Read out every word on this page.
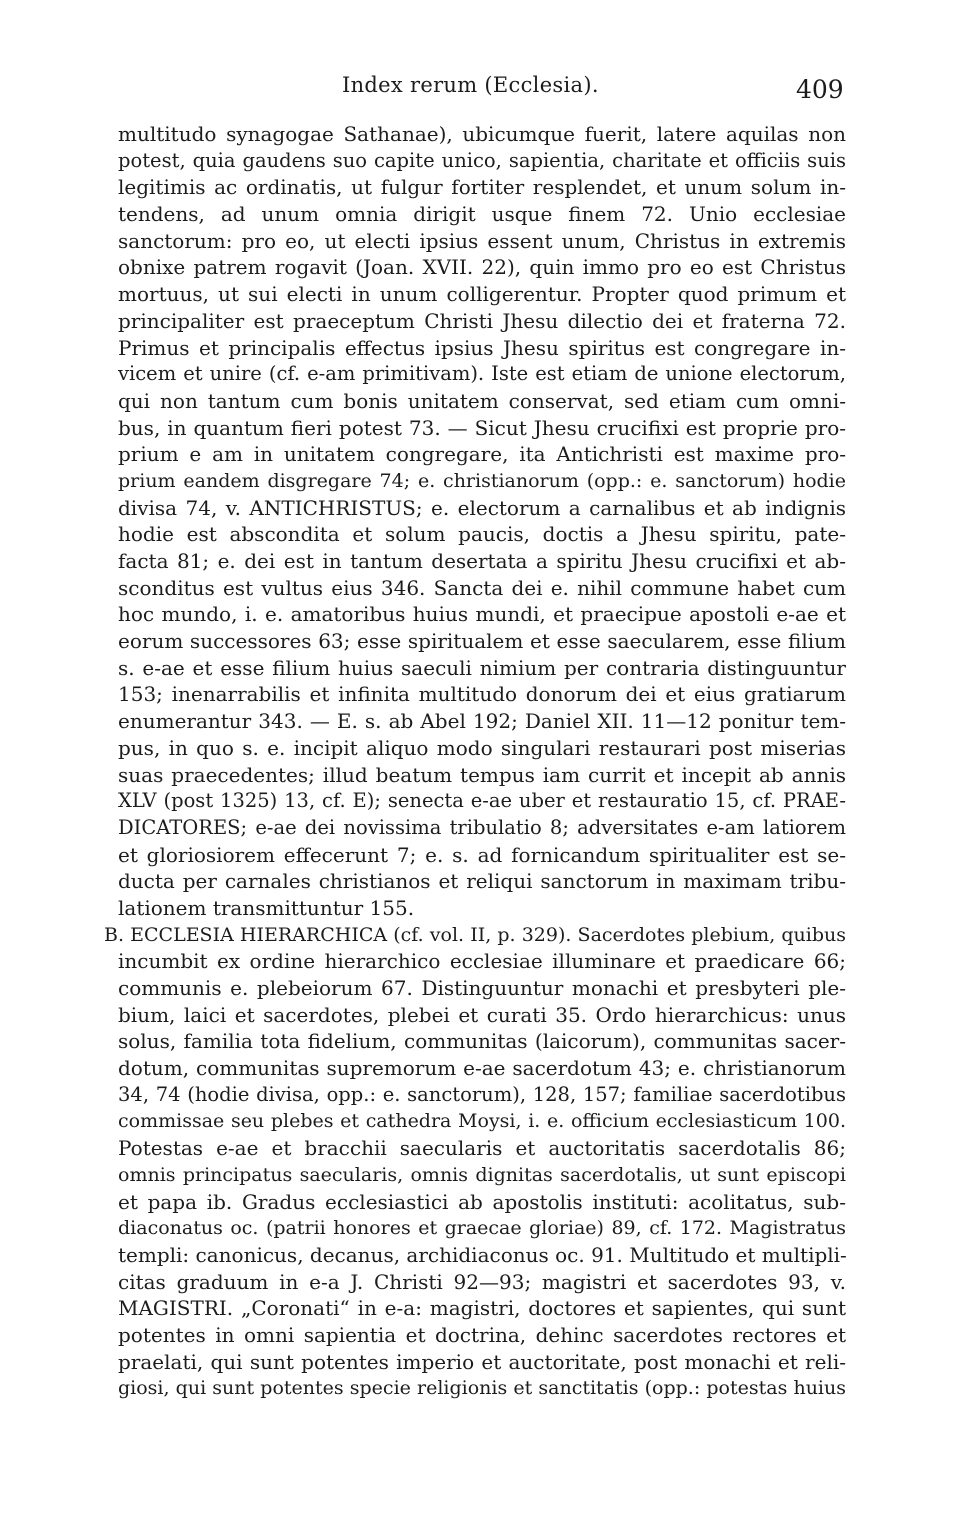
Index rerum (Ecclesia).	409
multitudo synagogae Sathanae), ubicumque fuerit, latere aquilas non
potest, quia gaudens suo capite unico, sapientia, charitate et officiis suis
legitimis ac ordinatis, ut fulgur fortiter resplendet, et unum solum in-
tendens, ad unum omnia dirigit usque finem 72. Unio ecclesiae
sanctorum: pro eo, ut electi ipsius essent unum, Christus in extremis
obnixe patrem rogavit (Joan. XVII. 22), quin immo pro eo est Christus
mortuus, ut sui electi in unum colligerentur. Propter quod primum et
principaliter est praeceptum Christi Jhesu dilectio dei et fraterna 72.
Primus et principalis effectus ipsius Jhesu spiritus est congregare in-
vicem et unire (cf. e-am primitivam). Iste est etiam de unione electorum,
qui non tantum cum bonis unitatem conservat, sed etiam cum omni-
bus, in quantum fieri potest 73. — Sicut Jhesu crucifixi est proprie pro-
prium e am in unitatem congregare, ita Antichristi est maxime pro-
prium eandem disgregare 74; e. christianorum (opp.: e. sanctorum) hodie
divisa 74, v. ANTICHRISTUS; e. electorum a carnalibus et ab indignis
hodie est abscondita et solum paucis, doctis a Jhesu spiritu, pate-
facta 81; e. dei est in tantum desertata a spiritu Jhesu crucifixi et ab-
sconditus est vultus eius 346. Sancta dei e. nihil commune habet cum
hoc mundo, i. e. amatoribus huius mundi, et praecipue apostoli e-ae et
eorum successores 63; esse spiritualem et esse saecularem, esse filium
s. e-ae et esse filium huius saeculi nimium per contraria distinguuntur
153; inenarrabilis et infinita multitudo donorum dei et eius gratiarum
enumerantur 343. — E. s. ab Abel 192; Daniel XII. 11—12 ponitur tem-
pus, in quo s. e. incipit aliquo modo singulari restaurari post miserias
suas praecedentes; illud beatum tempus iam currit et incepit ab annis
XLV (post 1325) 13, cf. E); senecta e-ae uber et restauratio 15, cf. PRAE-
DICATORES; e-ae dei novissima tribulatio 8; adversitates e-am latiorem
et gloriosiorem effecerunt 7; e. s. ad fornicandum spiritualiter est se-
ducta per carnales christianos et reliqui sanctorum in maximam tribu-
lationem transmittuntur 155.
B. ECCLESIA HIERARCHICA (cf. vol. II, p. 329). Sacerdotes plebium, quibus
incumbit ex ordine hierarchico ecclesiae illuminare et praedicare 66;
communis e. plebeiorum 67. Distinguuntur monachi et presbyteri ple-
bium, laici et sacerdotes, plebei et curati 35. Ordo hierarchicus: unus
solus, familia tota fidelium, communitas (laicorum), communitas sacer-
dotum, communitas supremorum e-ae sacerdotum 43; e. christianorum
34, 74 (hodie divisa, opp.: e. sanctorum), 128, 157; familiae sacerdotibus
commissae seu plebes et cathedra Moysi, i. e. officium ecclesiasticum 100.
Potestas e-ae et bracchii saecularis et auctoritatis sacerdotalis 86;
omnis principatus saecularis, omnis dignitas sacerdotalis, ut sunt episcopi
et papa ib. Gradus ecclesiastici ab apostolis instituti: acolitatus, sub-
diaconatus oc. (patrii honores et graecae gloriae) 89, cf. 172. Magistratus
templi: canonicus, decanus, archidiaconus oc. 91. Multitudo et multipli-
citas graduum in e-a J. Christi 92—93; magistri et sacerdotes 93, v.
MAGISTRI. „Coronati“ in e-a: magistri, doctores et sapientes, qui sunt
potentes in omni sapientia et doctrina, dehinc sacerdotes rectores et
praelati, qui sunt potentes imperio et auctoritate, post monachi et reli-
giosi, qui sunt potentes specie religionis et sanctitatis (opp.: potestas huius
